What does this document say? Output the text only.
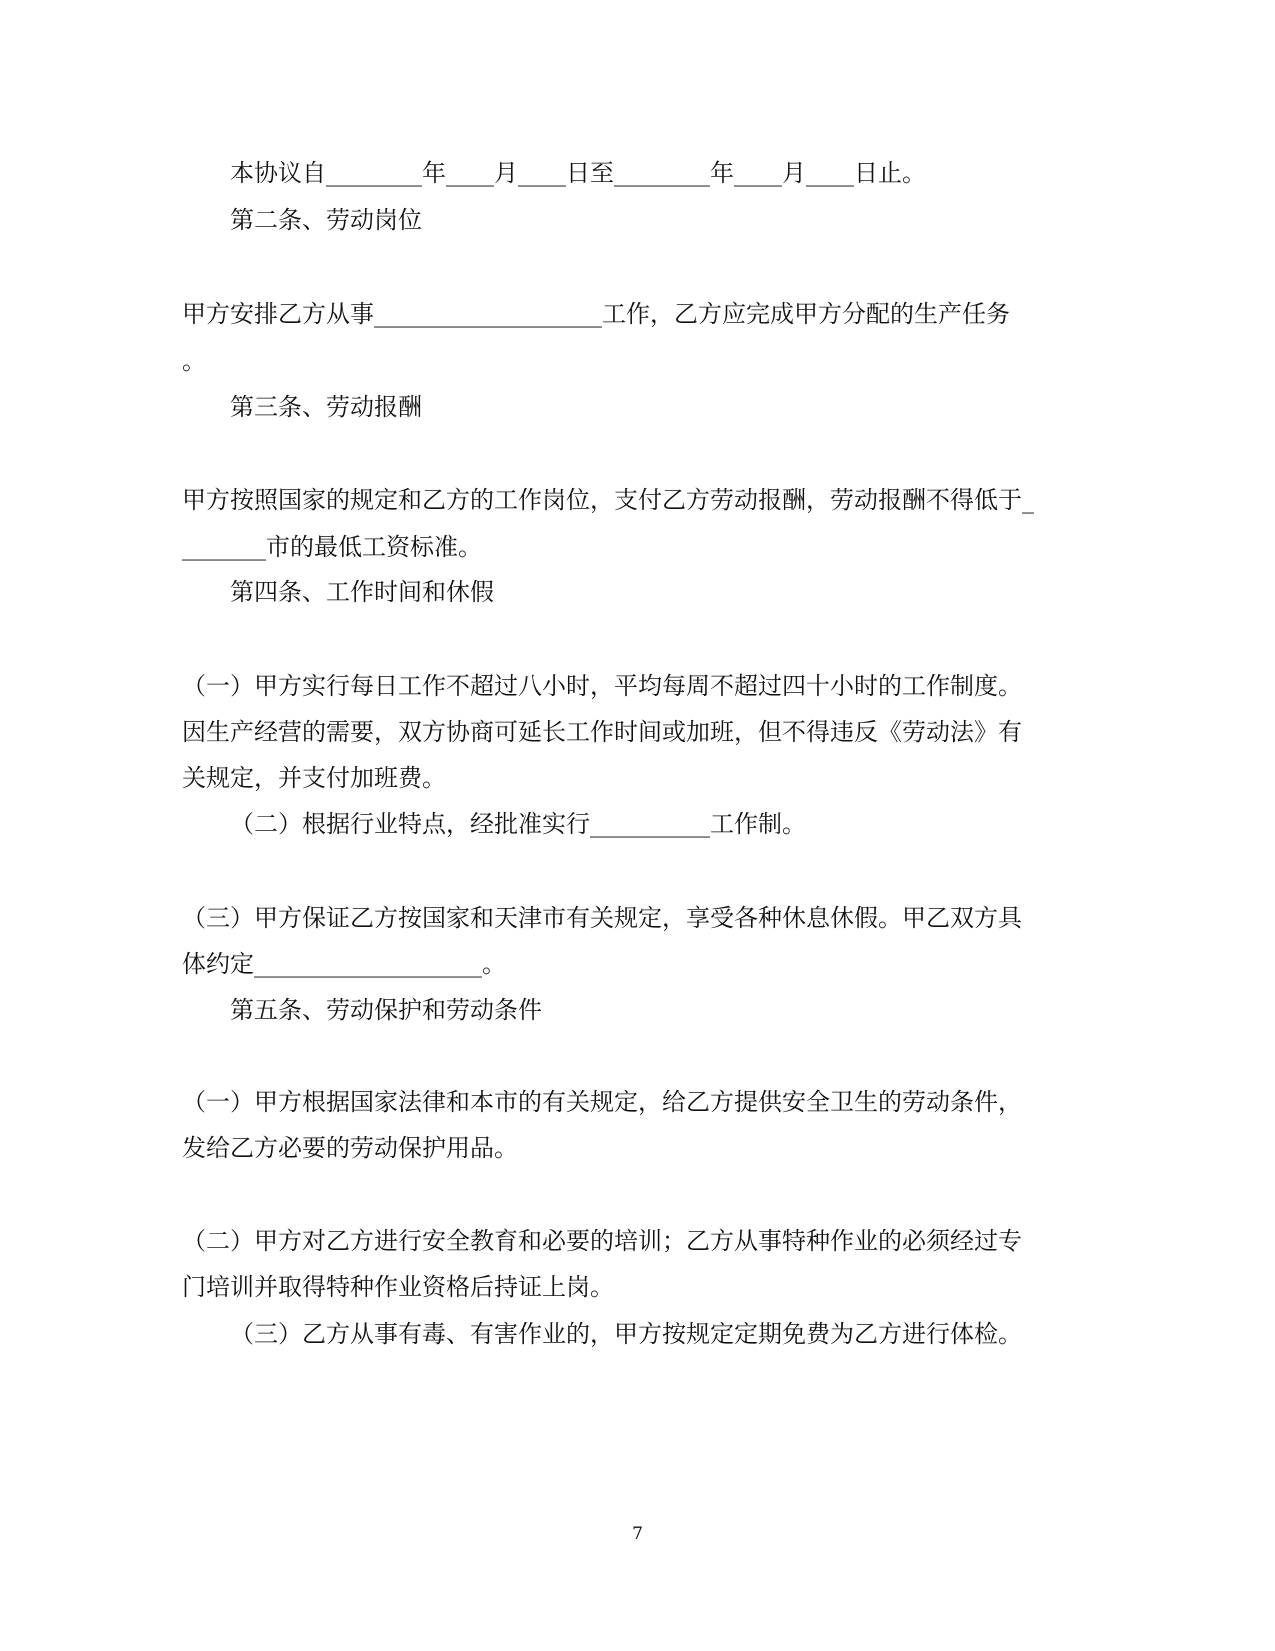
本协议自________年____月____日至________年____月____日止。
第二条、劳动岗位
甲方安排乙方从事___________________工作，乙方应完成甲方分配的生产任务
。
第三条、劳动报酬
甲方按照国家的规定和乙方的工作岗位，支付乙方劳动报酬，劳动报酬不得低于_
_______市的最低工资标准。
第四条、工作时间和休假
（一）甲方实行每日工作不超过八小时，平均每周不超过四十小时的工作制度。
因生产经营的需要，双方协商可延长工作时间或加班，但不得违反《劳动法》有
关规定，并支付加班费。
（二）根据行业特点，经批准实行__________工作制。
（三）甲方保证乙方按国家和天津市有关规定，享受各种休息休假。甲乙双方具
体约定___________________。
第五条、劳动保护和劳动条件
（一）甲方根据国家法律和本市的有关规定，给乙方提供安全卫生的劳动条件，
发给乙方必要的劳动保护用品。
（二）甲方对乙方进行安全教育和必要的培训；乙方从事特种作业的必须经过专
门培训并取得特种作业资格后持证上岗。
（三）乙方从事有毒、有害作业的，甲方按规定定期免费为乙方进行体检。
7
